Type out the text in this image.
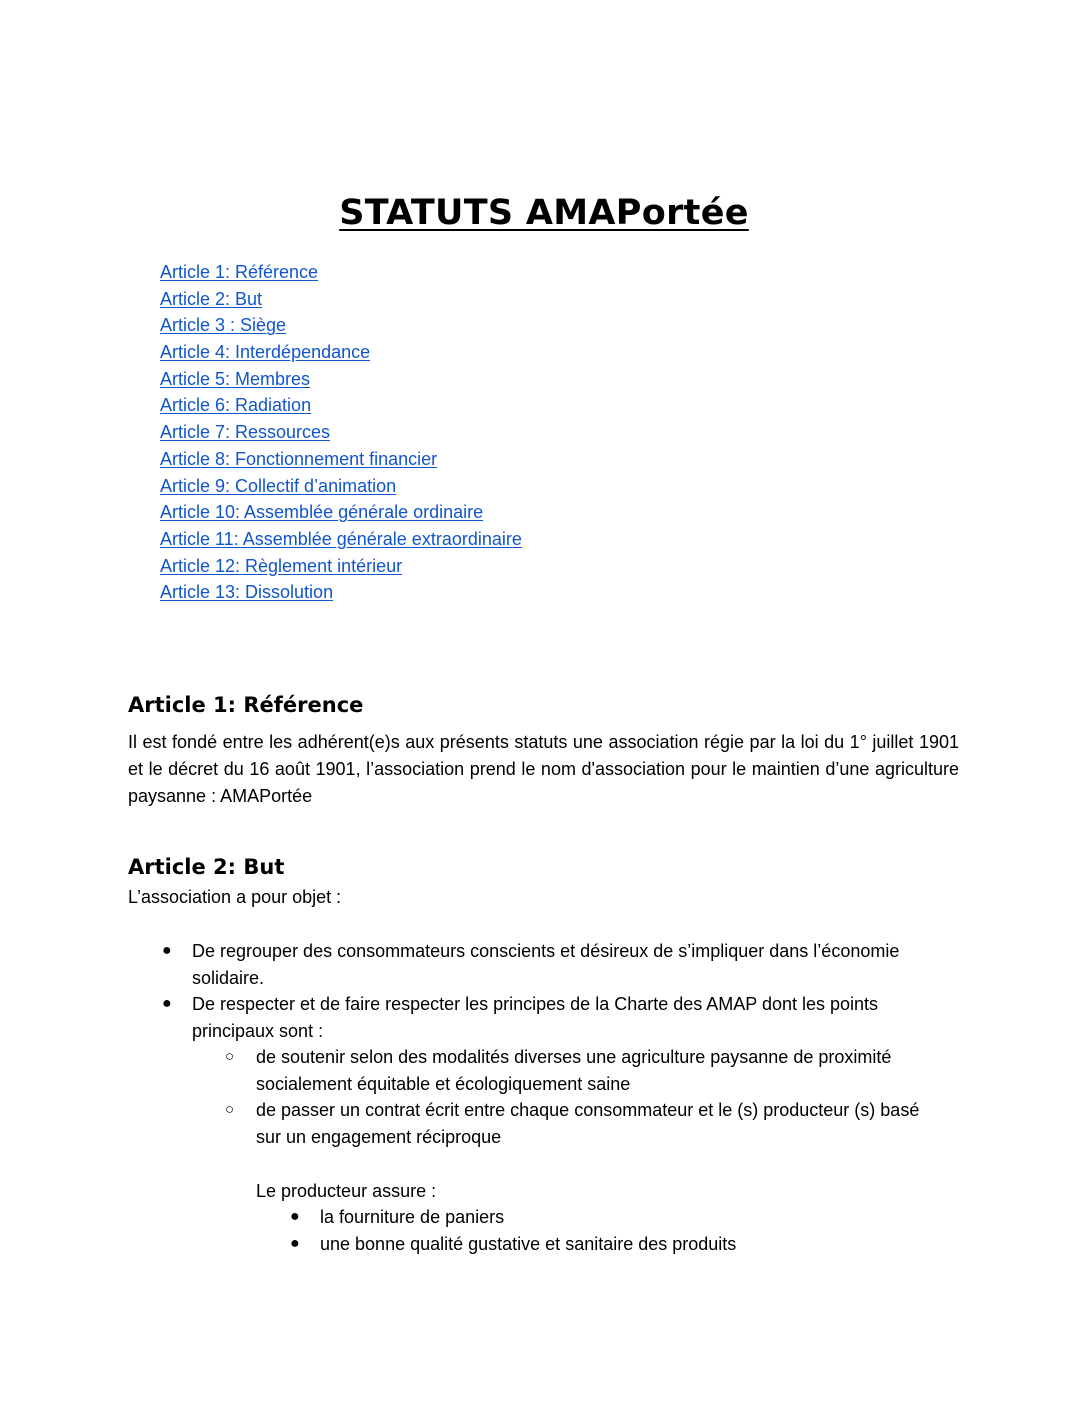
STATUTS AMAPortée
Article 1: Référence
Article 2: But
Article 3 : Siège
Article 4: Interdépendance
Article 5: Membres
Article 6: Radiation
Article 7: Ressources
Article 8: Fonctionnement financier
Article 9: Collectif d’animation
Article 10: Assemblée générale ordinaire
Article 11: Assemblée générale extraordinaire
Article 12: Règlement intérieur
Article 13: Dissolution
Article 1: Référence

Il est fondé entre les adhérent(e)s aux présents statuts une association régie par la loi du 1° juillet 1901 et le décret du 16 août 1901, l’association prend le nom d'association pour le maintien d’une agriculture paysanne : AMAPortée

Article 2: But

L’association a pour objet :

● De regrouper des consommateurs conscients et désireux de s’impliquer dans l’économie solidaire.

● De respecter et de faire respecter les principes de la Charte des AMAP dont les points principaux sont :

○ de soutenir selon des modalités diverses une agriculture paysanne de proximité socialement équitable et écologiquement saine

○ de passer un contrat écrit entre chaque consommateur et le (s) producteur (s) basé sur un engagement réciproque

Le producteur assure :

● la fourniture de paniers

● une bonne qualité gustative et sanitaire des produits
